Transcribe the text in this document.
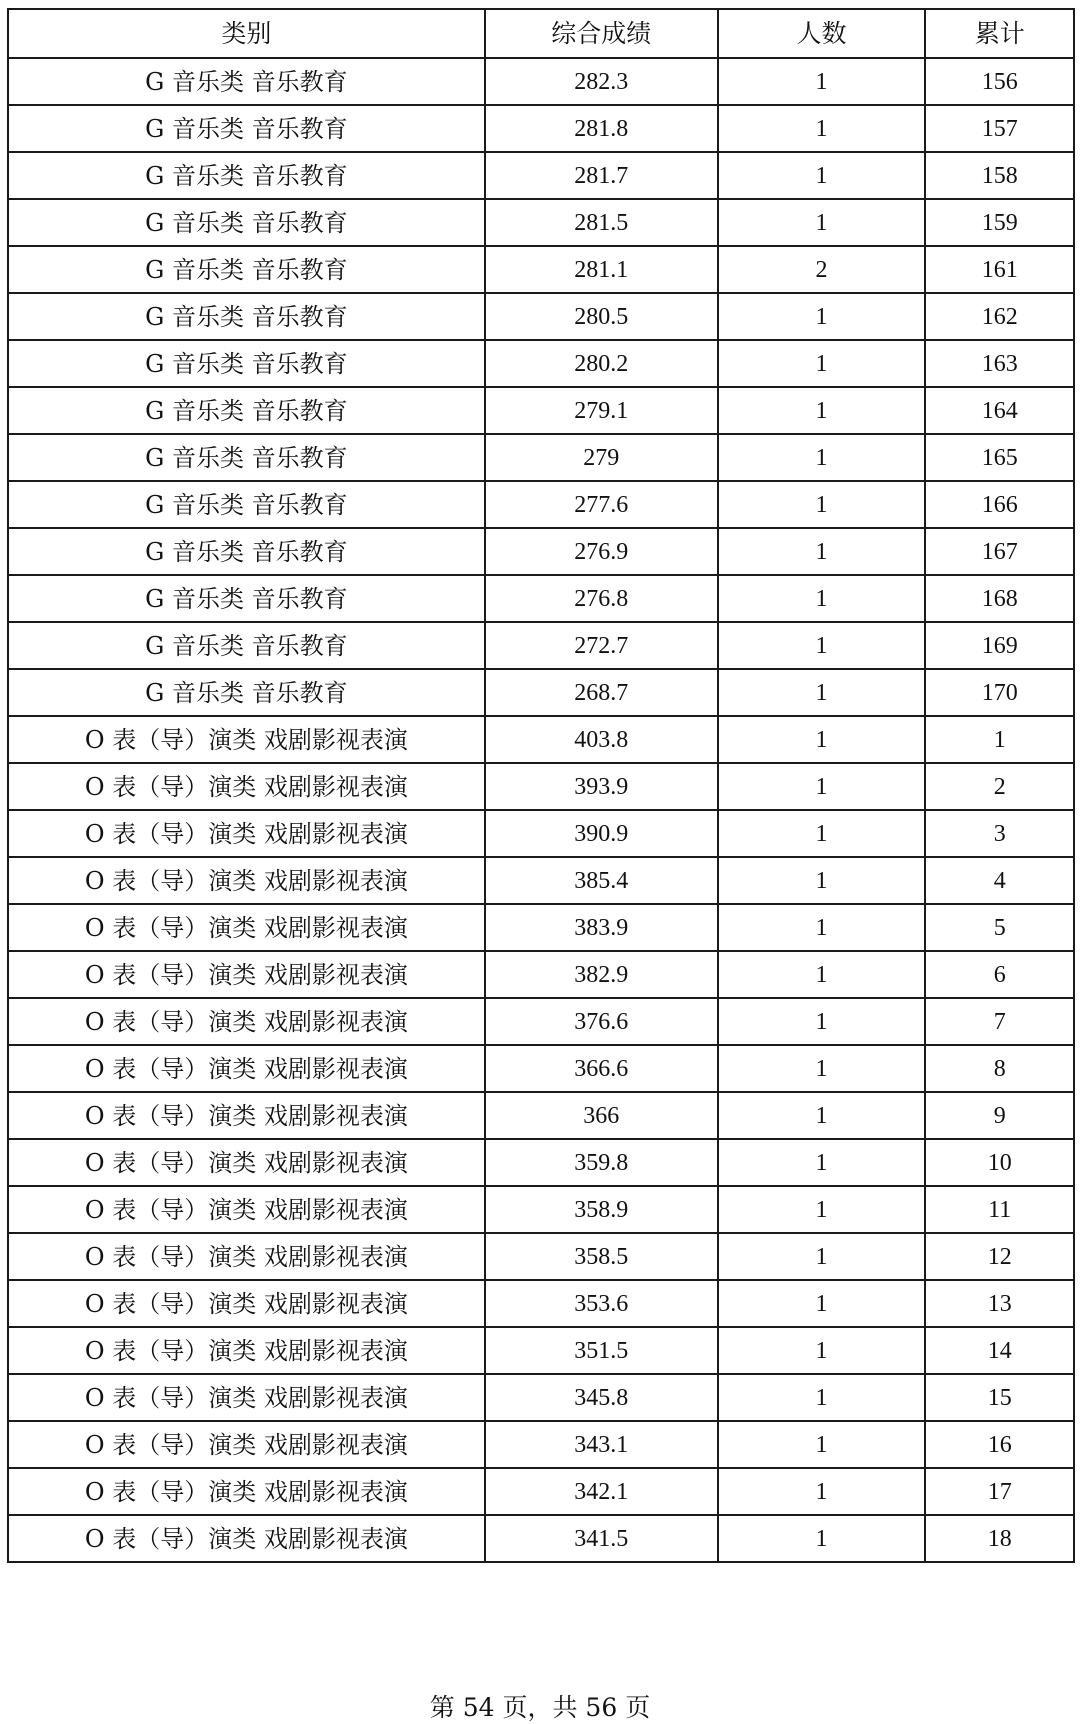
类别	综合成绩	人数	累计
G 音乐类 音乐教育	282.3	1	156
G 音乐类 音乐教育	281.8	1	157
G 音乐类 音乐教育	281.7	1	158
G 音乐类 音乐教育	281.5	1	159
G 音乐类 音乐教育	281.1	2	161
G 音乐类 音乐教育	280.5	1	162
G 音乐类 音乐教育	280.2	1	163
G 音乐类 音乐教育	279.1	1	164
G 音乐类 音乐教育	279	1	165
G 音乐类 音乐教育	277.6	1	166
G 音乐类 音乐教育	276.9	1	167
G 音乐类 音乐教育	276.8	1	168
G 音乐类 音乐教育	272.7	1	169
G 音乐类 音乐教育	268.7	1	170
O 表（导）演类 戏剧影视表演	403.8	1	1
O 表（导）演类 戏剧影视表演	393.9	1	2
O 表（导）演类 戏剧影视表演	390.9	1	3
O 表（导）演类 戏剧影视表演	385.4	1	4
O 表（导）演类 戏剧影视表演	383.9	1	5
O 表（导）演类 戏剧影视表演	382.9	1	6
O 表（导）演类 戏剧影视表演	376.6	1	7
O 表（导）演类 戏剧影视表演	366.6	1	8
O 表（导）演类 戏剧影视表演	366	1	9
O 表（导）演类 戏剧影视表演	359.8	1	10
O 表（导）演类 戏剧影视表演	358.9	1	11
O 表（导）演类 戏剧影视表演	358.5	1	12
O 表（导）演类 戏剧影视表演	353.6	1	13
O 表（导）演类 戏剧影视表演	351.5	1	14
O 表（导）演类 戏剧影视表演	345.8	1	15
O 表（导）演类 戏剧影视表演	343.1	1	16
O 表（导）演类 戏剧影视表演	342.1	1	17
O 表（导）演类 戏剧影视表演	341.5	1	18
第 54 页，共 56 页
